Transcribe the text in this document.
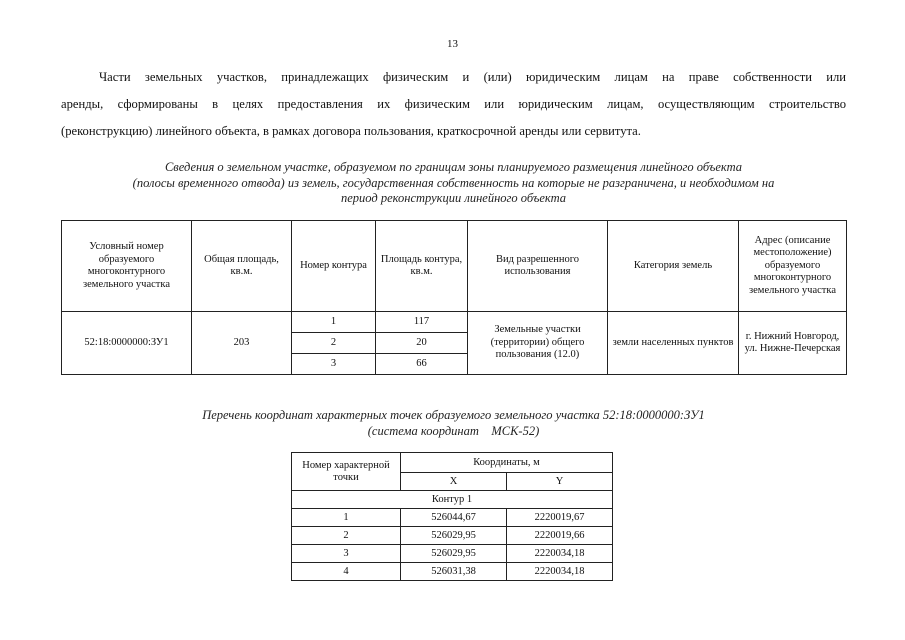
13

Части земельных участков, принадлежащих физическим и (или) юридическим лицам на праве собственности или
аренды, сформированы в целях предоставления их физическим или юридическим лицам, осуществляющим строительство
(реконструкцию) линейного объекта, в рамках договора пользования, краткосрочной аренды или сервитута.

Сведения о земельном участке, образуемом по границам зоны планируемого размещения линейного объекта
(полосы временного отвода) из земель, государственная собственность на которые не разграничена, и необходимом на
период реконструкции линейного объекта
Условный номер образуемого многоконтурного земельного участка	Общая площадь, кв.м.	Номер контура	Площадь контура, кв.м.	Вид разрешенного использования	Категория земель	Адрес (описание местоположение) образуемого многоконтурного земельного участка
52:18:0000000:ЗУ1	203	1	117	Земельные участки (территории) общего пользования (12.0)	земли населенных пунктов	г. Нижний Новгород, ул. Нижне-Печерская
		2	20			
		3	66			
Перечень координат характерных точек образуемого земельного участка 52:18:0000000:ЗУ1
(система координат    МСК-52)
Номер характерной точки	Координаты, м	
	X	Y
Контур 1		
1	526044,67	2220019,67
2	526029,95	2220019,66
3	526029,95	2220034,18
4	526031,38	2220034,18
